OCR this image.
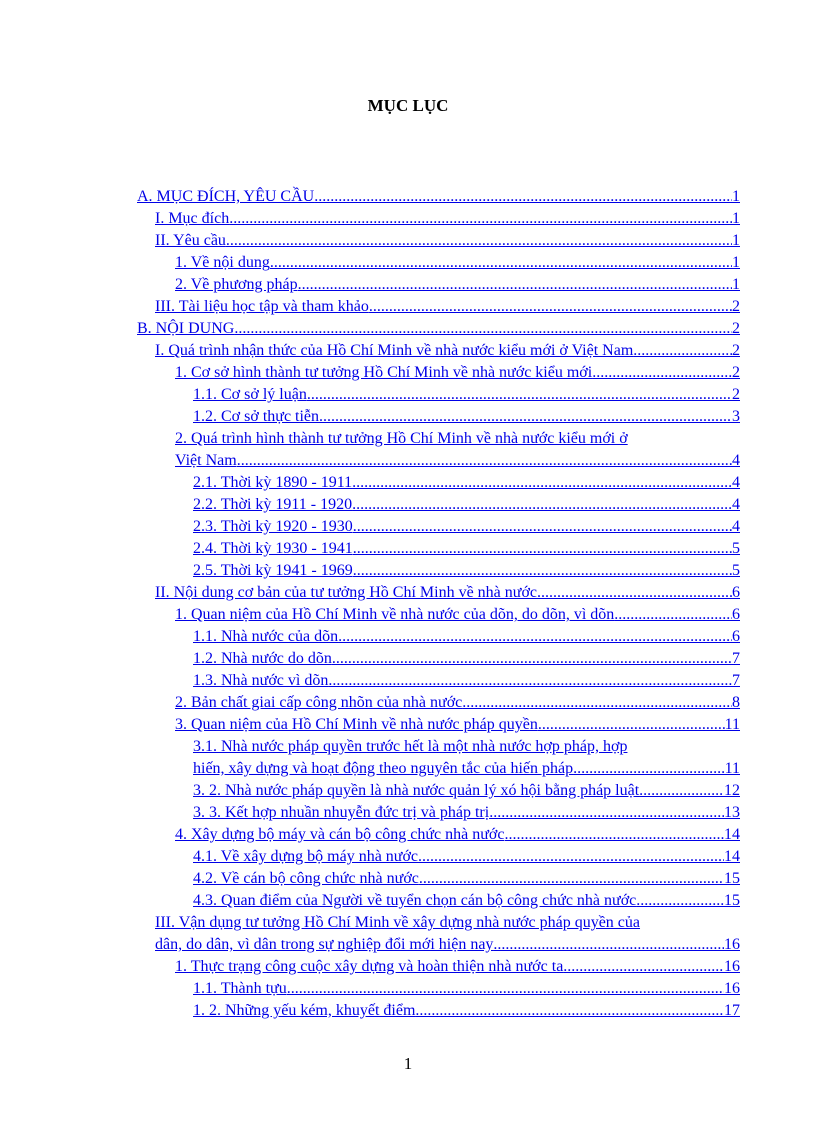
MỤC LỤC
A. MỤC ĐÍCH, YÊU CẦU .....	1
I. Mục đích .....	1
II. Yêu cầu .....	1
1. Về nội dung .....	1
2. Về phương pháp .....	1
III. Tài liệu học tập và tham khảo .....	2
B. NỘI DUNG .....	2
I. Quá trình nhận thức của Hồ Chí Minh về nhà nước kiểu mới ở Việt Nam .....	2
1. Cơ sở hình thành tư tưởng Hồ Chí Minh về nhà nước kiểu mới .....	2
1.1. Cơ sở lý luận .....	2
1.2. Cơ sở thực tiễn .....	3
2. Quá trình hình thành tư tưởng Hồ Chí Minh về nhà nước kiểu mới ở
Việt Nam .....	4
2.1. Thời kỳ 1890 - 1911 .....	4
2.2. Thời kỳ 1911 - 1920 .....	4
2.3. Thời kỳ 1920 - 1930 .....	4
2.4. Thời kỳ 1930 - 1941 .....	5
2.5. Thời kỳ 1941 - 1969 .....	5
II. Nội dung cơ bản của tư tưởng Hồ Chí Minh về nhà nước .....	6
1. Quan niệm của Hồ Chí Minh về nhà nước của dõn, do dõn, vì dõn .....	6
1.1. Nhà nước của dõn .....	6
1.2. Nhà nước do dõn .....	7
1.3. Nhà nước vì dõn .....	7
2. Bản chất giai cấp công nhõn của nhà nước .....	8
3. Quan niệm của Hồ Chí Minh về nhà nước pháp quyền .....	11
3.1. Nhà nước pháp quyền trước hết là một nhà nước hợp pháp, hợp
hiến, xây dựng và hoạt động theo nguyên tắc của hiến pháp .....	11
3. 2. Nhà nước pháp quyền là nhà nước quản lý xó hội bằng pháp luật .....	12
3. 3. Kết hợp nhuần nhuyễn đức trị và pháp trị .....	13
4. Xây dựng bộ máy và cán bộ công chức nhà nước .....	14
4.1. Về xây dựng bộ máy nhà nước .....	14
4.2. Về cán bộ công chức nhà nước .....	15
4.3. Quan điểm của Người về tuyển chọn cán bộ công chức nhà nước .....	15
III. Vận dụng tư tưởng Hồ Chí Minh về xây dựng nhà nước pháp quyền của
dân, do dân, vì dân trong sự nghiệp đổi mới hiện nay .....	16
1. Thực trạng công cuộc xây dựng và hoàn thiện nhà nước ta .....	16
1.1. Thành tựu .....	16
1. 2. Những yếu kém, khuyết điểm .....	17
1
